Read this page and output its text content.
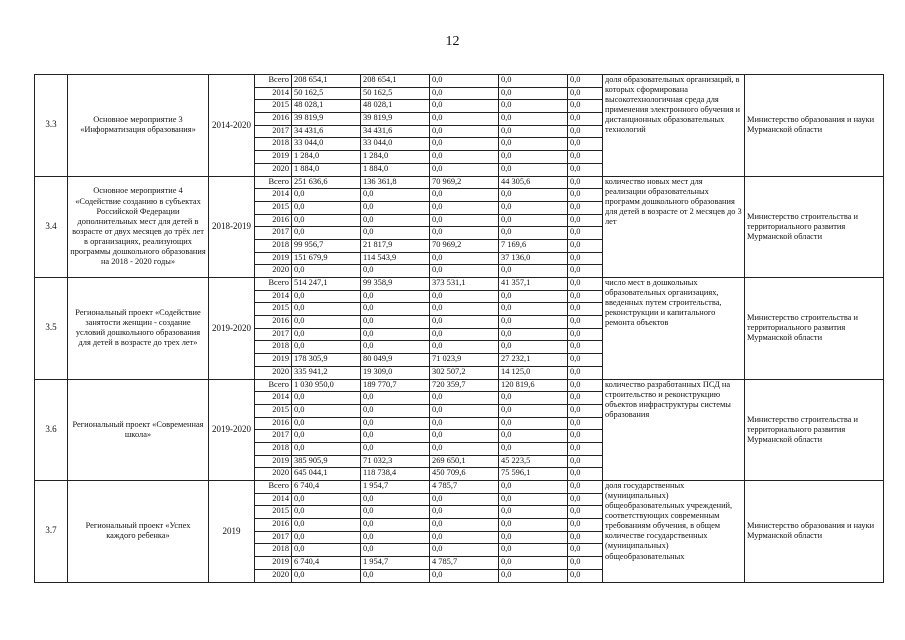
12
3.3	Основное мероприятие 3 «Информатизация образования»	2014-2020	Всего	208 654,1	208 654,1	0,0	0,0	0,0	доля образовательных организаций, в которых сформирована высокотехнологичная среда для применения электронного обучения и дистанционных образовательных технологий	Министерство образования и науки Мурманской области
			2014	50 162,5	50 162,5	0,0	0,0	0,0		
			2015	48 028,1	48 028,1	0,0	0,0	0,0		
			2016	39 819,9	39 819,9	0,0	0,0	0,0		
			2017	34 431,6	34 431,6	0,0	0,0	0,0		
			2018	33 044,0	33 044,0	0,0	0,0	0,0		
			2019	1 284,0	1 284,0	0,0	0,0	0,0		
			2020	1 884,0	1 884,0	0,0	0,0	0,0		
3.4	Основное мероприятие 4 «Содействие созданию в субъектах Российской Федерации дополнительных мест для детей в возрасте от двух месяцев до трёх лет в организациях, реализующих программы дошкольного образования на 2018 - 2020 годы»	2018-2019	Всего	251 636,6	136 361,8	70 969,2	44 305,6	0,0	количество новых мест для реализации образовательных программ дошкольного образования для детей в возрасте от 2 месяцев до 3 лет	Министерство строительства и территориального развития Мурманской области
			2014	0,0	0,0	0,0	0,0	0,0		
			2015	0,0	0,0	0,0	0,0	0,0		
			2016	0,0	0,0	0,0	0,0	0,0		
			2017	0,0	0,0	0,0	0,0	0,0		
			2018	99 956,7	21 817,9	70 969,2	7 169,6	0,0		
			2019	151 679,9	114 543,9	0,0	37 136,0	0,0		
			2020	0,0	0,0	0,0	0,0	0,0		
3.5	Региональный проект «Содействие занятости женщин - создание условий дошкольного образования для детей в возрасте до трех лет»	2019-2020	Всего	514 247,1	99 358,9	373 531,1	41 357,1	0,0	число мест в дошкольных образовательных организациях, введенных путем строительства, реконструкции и капитального ремонта объектов	Министерство строительства и территориального развития Мурманской области
			2014	0,0	0,0	0,0	0,0	0,0		
			2015	0,0	0,0	0,0	0,0	0,0		
			2016	0,0	0,0	0,0	0,0	0,0		
			2017	0,0	0,0	0,0	0,0	0,0		
			2018	0,0	0,0	0,0	0,0	0,0		
			2019	178 305,9	80 049,9	71 023,9	27 232,1	0,0		
			2020	335 941,2	19 309,0	302 507,2	14 125,0	0,0		
3.6	Региональный проект «Современная школа»	2019-2020	Всего	1 030 950,0	189 770,7	720 359,7	120 819,6	0,0	количество разработанных ПСД на строительство и реконструкцию объектов инфраструктуры системы образования	Министерство строительства и территориального развития Мурманской области
			2014	0,0	0,0	0,0	0,0	0,0		
			2015	0,0	0,0	0,0	0,0	0,0		
			2016	0,0	0,0	0,0	0,0	0,0		
			2017	0,0	0,0	0,0	0,0	0,0		
			2018	0,0	0,0	0,0	0,0	0,0		
			2019	385 905,9	71 032,3	269 650,1	45 223,5	0,0		
			2020	645 044,1	118 738,4	450 709,6	75 596,1	0,0		
3.7	Региональный проект «Успех каждого ребенка»	2019	Всего	6 740,4	1 954,7	4 785,7	0,0	0,0	доля государственных (муниципальных) общеобразовательных учреждений, соответствующих современным требованиям обучения, в общем количестве государственных (муниципальных) общеобразовательных	Министерство образования и науки Мурманской области
			2014	0,0	0,0	0,0	0,0	0,0		
			2015	0,0	0,0	0,0	0,0	0,0		
			2016	0,0	0,0	0,0	0,0	0,0		
			2017	0,0	0,0	0,0	0,0	0,0		
			2018	0,0	0,0	0,0	0,0	0,0		
			2019	6 740,4	1 954,7	4 785,7	0,0	0,0		
			2020	0,0	0,0	0,0	0,0	0,0		
